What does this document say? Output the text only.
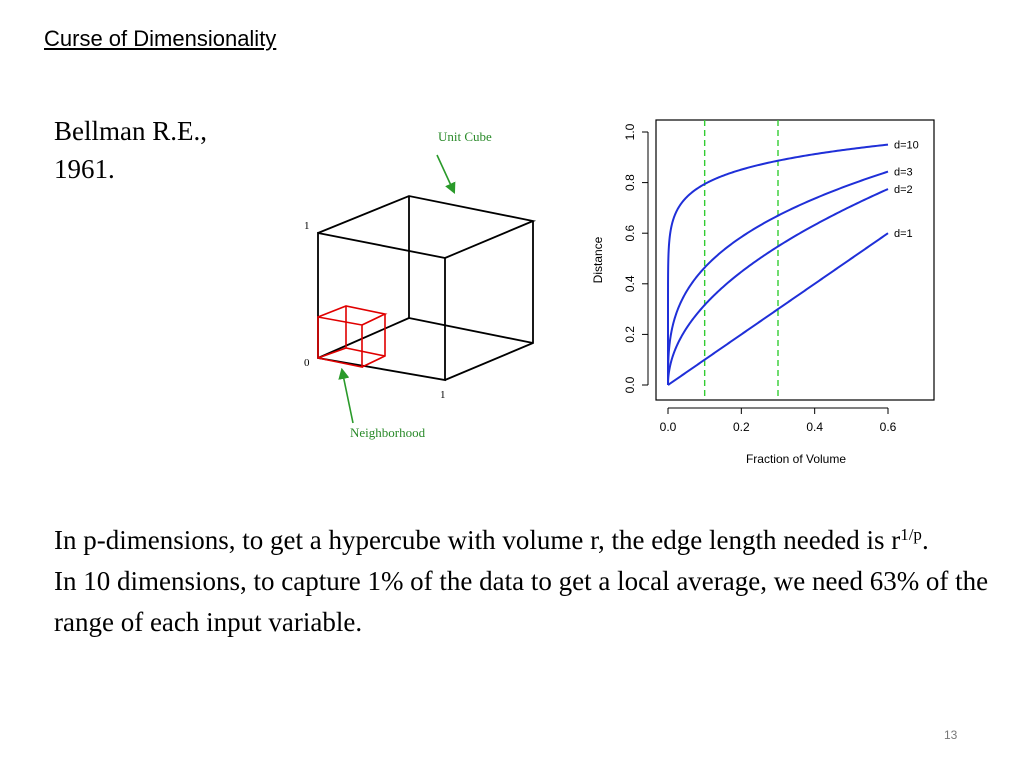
Curse of Dimensionality
Bellman R.E.,
1961.
Unit Cube
1
0
1
Neighborhood	0.0	0.2	0.4	0.6
0.0
0.2
0.4
0.6
0.8
1.0
d=10
d=3
d=2
d=1
Fraction of Volume
Distance

In p-dimensions, to get a hypercube with volume r, the edge length needed is $r^{1/p}$.

In 10 dimensions, to capture 1% of the data to get a local average, we need 63% of the range of each input variable.

13
